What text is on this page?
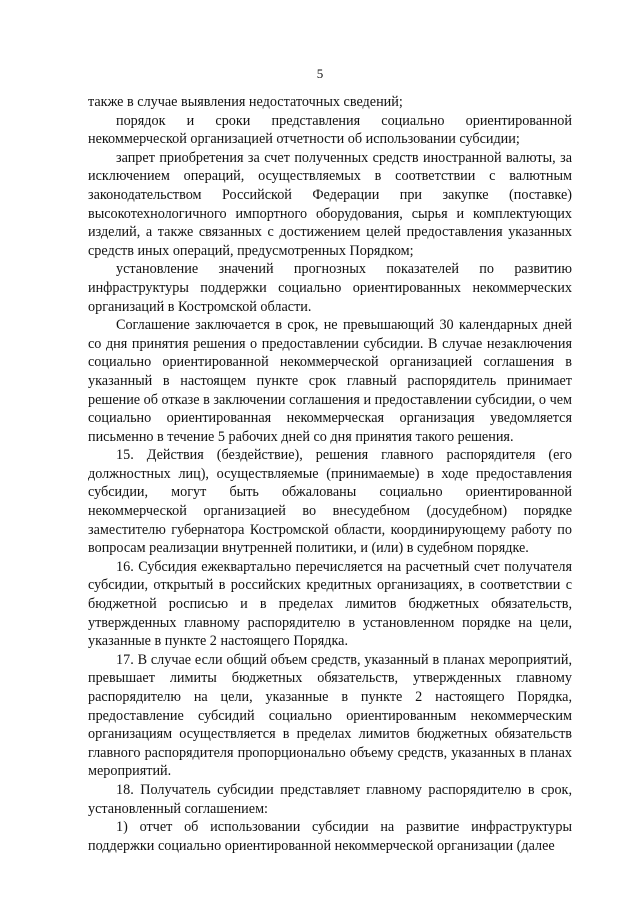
5

также в случае выявления недостаточных сведений;

порядок и сроки представления социально ориентированной некоммерческой организацией отчетности об использовании субсидии;

запрет приобретения за счет полученных средств иностранной валюты, за исключением операций, осуществляемых в соответствии с валютным законодательством Российской Федерации при закупке (поставке) высокотехнологичного импортного оборудования, сырья и комплектующих изделий, а также связанных с достижением целей предоставления указанных средств иных операций, предусмотренных Порядком;

установление значений прогнозных показателей по развитию инфраструктуры поддержки социально ориентированных некоммерческих организаций в Костромской области.

Соглашение заключается в срок, не превышающий 30 календарных дней со дня принятия решения о предоставлении субсидии. В случае незаключения социально ориентированной некоммерческой организацией соглашения в указанный в настоящем пункте срок главный распорядитель принимает решение об отказе в заключении соглашения и предоставлении субсидии, о чем социально ориентированная некоммерческая организация уведомляется письменно в течение 5 рабочих дней со дня принятия такого решения.

15. Действия (бездействие), решения главного распорядителя (его должностных лиц), осуществляемые (принимаемые) в ходе предоставления субсидии, могут быть обжалованы социально ориентированной некоммерческой организацией во внесудебном (досудебном) порядке заместителю губернатора Костромской области, координирующему работу по вопросам реализации внутренней политики, и (или) в судебном порядке.

16. Субсидия ежеквартально перечисляется на расчетный счет получателя субсидии, открытый в российских кредитных организациях, в соответствии с бюджетной росписью и в пределах лимитов бюджетных обязательств, утвержденных главному распорядителю в установленном порядке на цели, указанные в пункте 2 настоящего Порядка.

17. В случае если общий объем средств, указанный в планах мероприятий, превышает лимиты бюджетных обязательств, утвержденных главному распорядителю на цели, указанные в пункте 2 настоящего Порядка, предоставление субсидий социально ориентированным некоммерческим организациям осуществляется в пределах лимитов бюджетных обязательств главного распорядителя пропорционально объему средств, указанных в планах мероприятий.

18. Получатель субсидии представляет главному распорядителю в срок, установленный соглашением:

1) отчет об использовании субсидии на развитие инфраструктуры поддержки социально ориентированной некоммерческой организации (далее
